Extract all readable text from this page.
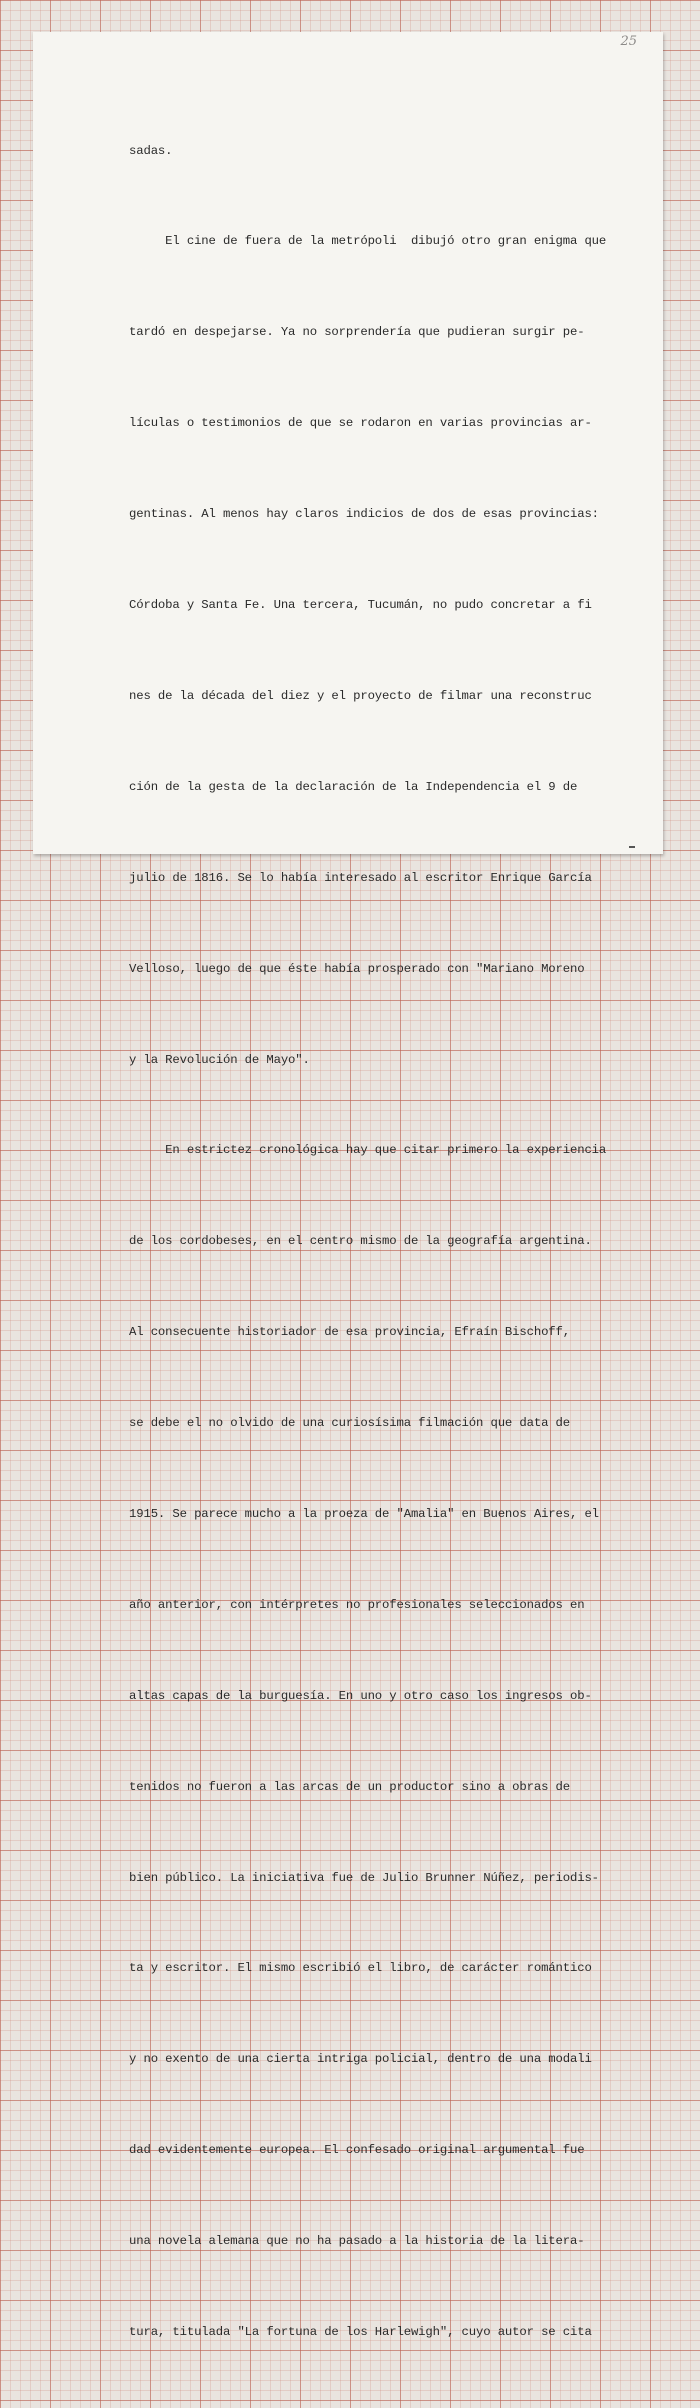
25

sadas.

El cine de fuera de la metrópoli  dibujó otro gran enigma que

tardó en despejarse. Ya no sorprendería que pudieran surgir pe-

lículas o testimonios de que se rodaron en varias provincias ar-

gentinas. Al menos hay claros indicios de dos de esas provincias:

Córdoba y Santa Fe. Una tercera, Tucumán, no pudo concretar a fi

nes de la década del diez y el proyecto de filmar una reconstruc

ción de la gesta de la declaración de la Independencia el 9 de

julio de 1816. Se lo había interesado al escritor Enrique García

Velloso, luego de que éste había prosperado con "Mariano Moreno

y la Revolución de Mayo".

En estrictez cronológica hay que citar primero la experiencia

de los cordobeses, en el centro mismo de la geografía argentina.

Al consecuente historiador de esa provincia, Efraín Bischoff,

se debe el no olvido de una curiosísima filmación que data de

1915. Se parece mucho a la proeza de "Amalia" en Buenos Aires, el

año anterior, con intérpretes no profesionales seleccionados en

altas capas de la burguesía. En uno y otro caso los ingresos ob-

tenidos no fueron a las arcas de un productor sino a obras de

bien público. La iniciativa fue de Julio Brunner Núñez, periodis-

ta y escritor. El mismo escribió el libro, de carácter romántico

y no exento de una cierta intriga policial, dentro de una modali

dad evidentemente europea. El confesado original argumental fue

una novela alemana que no ha pasado a la historia de la litera-

tura, titulada "La fortuna de los Harlewigh", cuyo autor se cita
